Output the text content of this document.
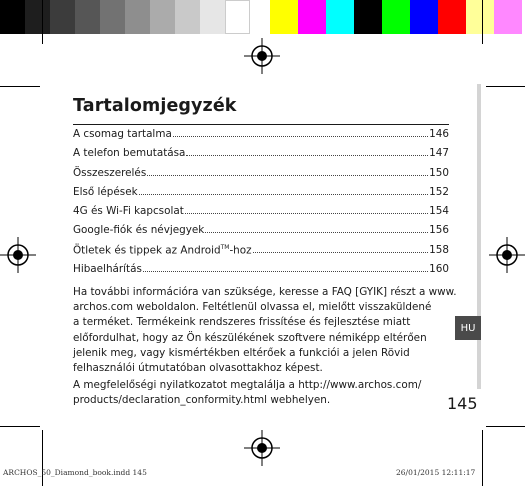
Tartalomjegyzék
A csomag tartalma	146
A telefon bemutatása	147
Összeszerelés	150
Első lépések	152
4G és Wi-Fi kapcsolat	154
Google-fiók és névjegyek	156
Ötletek és tippek az Android™-hoz	158
Hibaelhárítás	160
Ha további információra van szüksége, keresse a FAQ [GYIK] részt a www.
archos.com weboldalon. Feltétlenül olvassa el, mielőtt visszaküldené
a terméket. Termékeink rendszeres frissítése és fejlesztése miatt
előfordulhat, hogy az Ön készülékének szoftvere némiképp eltérően
jelenik meg, vagy kismértékben eltérőek a funkciói a jelen Rövid
felhasználói útmutatóban olvasottakhoz képest.
A megfelelőségi nyilatkozatot megtalálja a http://www.archos.com/
products/declaration_conformity.html webhelyen.
HU
145
ARCHOS_50_Diamond_book.indd 145	26/01/2015 12:11:17
